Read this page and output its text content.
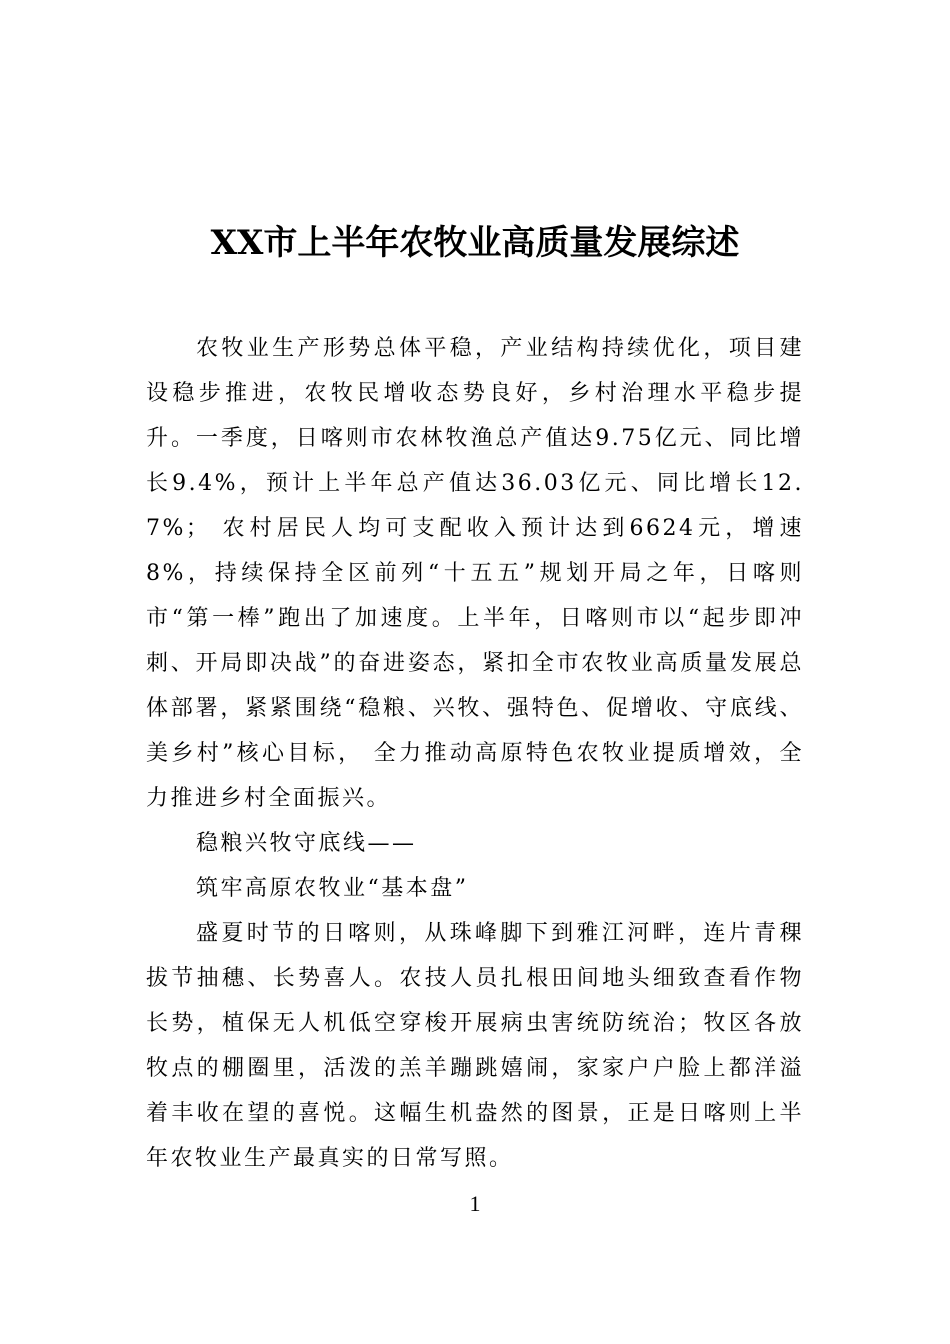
XX市上半年农牧业高质量发展综述

农牧业生产形势总体平稳，产业结构持续优化，项目建设稳步推进，农牧民增收态势良好，乡村治理水平稳步提升。一季度，日喀则市农林牧渔总产值达9.75亿元、同比增长9.4%，预计上半年总产值达36.03亿元、同比增长12.7%； 农村居民人均可支配收入预计达到6624元，增速8%，持续保持全区前列“十五五”规划开局之年，日喀则市“第一棒”跑出了加速度。上半年，日喀则市以“起步即冲刺、开局即决战”的奋进姿态，紧扣全市农牧业高质量发展总体部署，紧紧围绕“稳粮、兴牧、强特色、促增收、守底线、美乡村”核心目标， 全力推动高原特色农牧业提质增效，全力推进乡村全面振兴。

稳粮兴牧守底线——

筑牢高原农牧业“基本盘”

盛夏时节的日喀则，从珠峰脚下到雅江河畔，连片青稞拔节抽穗、长势喜人。农技人员扎根田间地头细致查看作物长势，植保无人机低空穿梭开展病虫害统防统治；牧区各放牧点的棚圈里，活泼的羔羊蹦跳嬉闹，家家户户脸上都洋溢着丰收在望的喜悦。这幅生机盎然的图景，正是日喀则上半年农牧业生产最真实的日常写照。

1
